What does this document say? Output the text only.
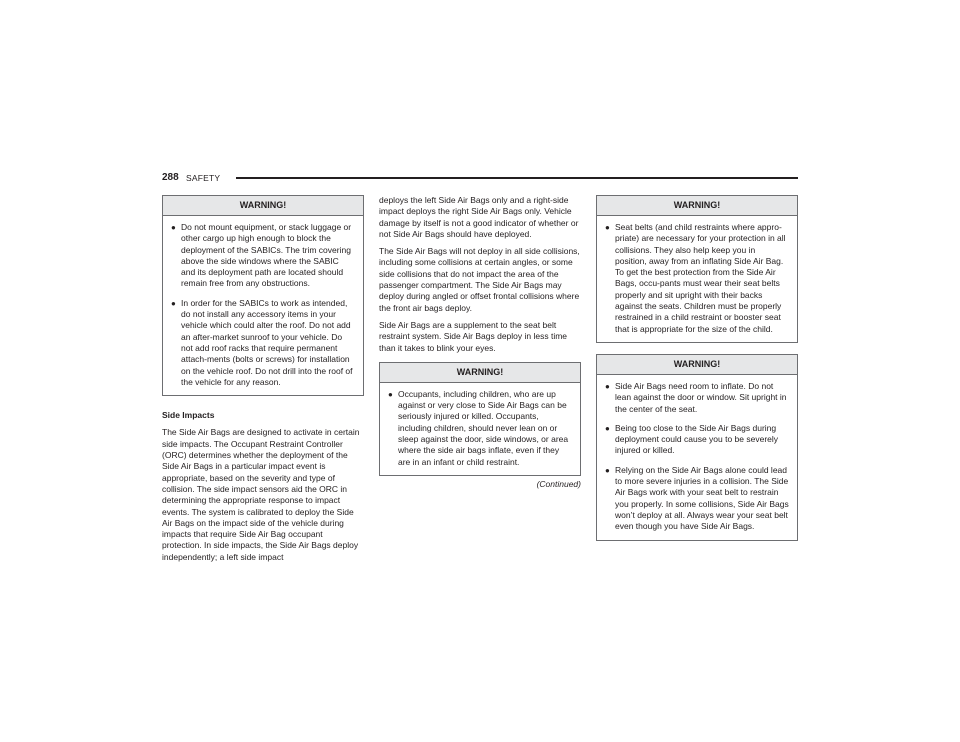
288 SAFETY
WARNING!
● Do not mount equipment, or stack luggage or other cargo up high enough to block the deployment of the SABICs. The trim covering above the side windows where the SABIC and its deployment path are located should remain free from any obstructions.
● In order for the SABICs to work as intended, do not install any accessory items in your vehicle which could alter the roof. Do not add an after-market sunroof to your vehicle. Do not add roof racks that require permanent attach-ments (bolts or screws) for installation on the vehicle roof. Do not drill into the roof of the vehicle for any reason.

Side Impacts

The Side Air Bags are designed to activate in certain side impacts. The Occupant Restraint Controller (ORC) determines whether the deployment of the Side Air Bags in a particular impact event is appropriate, based on the severity and type of collision. The side impact sensors aid the ORC in determining the appropriate response to impact events. The system is calibrated to deploy the Side Air Bags on the impact side of the vehicle during impacts that require Side Air Bag occupant protection. In side impacts, the Side Air Bags deploy independently; a left side impact

deploys the left Side Air Bags only and a right-side impact deploys the right Side Air Bags only. Vehicle damage by itself is not a good indicator of whether or not Side Air Bags should have deployed.

The Side Air Bags will not deploy in all side collisions, including some collisions at certain angles, or some side collisions that do not impact the area of the passenger compartment. The Side Air Bags may deploy during angled or offset frontal collisions where the front air bags deploy.

Side Air Bags are a supplement to the seat belt restraint system. Side Air Bags deploy in less time than it takes to blink your eyes.

WARNING!
● Occupants, including children, who are up against or very close to Side Air Bags can be seriously injured or killed. Occupants, including children, should never lean on or sleep against the door, side windows, or area where the side air bags inflate, even if they are in an infant or child restraint.
(Continued)
WARNING!
● Seat belts (and child restraints where appro-priate) are necessary for your protection in all collisions. They also help keep you in position, away from an inflating Side Air Bag. To get the best protection from the Side Air Bags, occu-pants must wear their seat belts properly and sit upright with their backs against the seats. Children must be properly restrained in a child restraint or booster seat that is appropriate for the size of the child.
WARNING!
● Side Air Bags need room to inflate. Do not lean against the door or window. Sit upright in the center of the seat.
● Being too close to the Side Air Bags during deployment could cause you to be severely injured or killed.
● Relying on the Side Air Bags alone could lead to more severe injuries in a collision. The Side Air Bags work with your seat belt to restrain you properly. In some collisions, Side Air Bags won’t deploy at all. Always wear your seat belt even though you have Side Air Bags.
